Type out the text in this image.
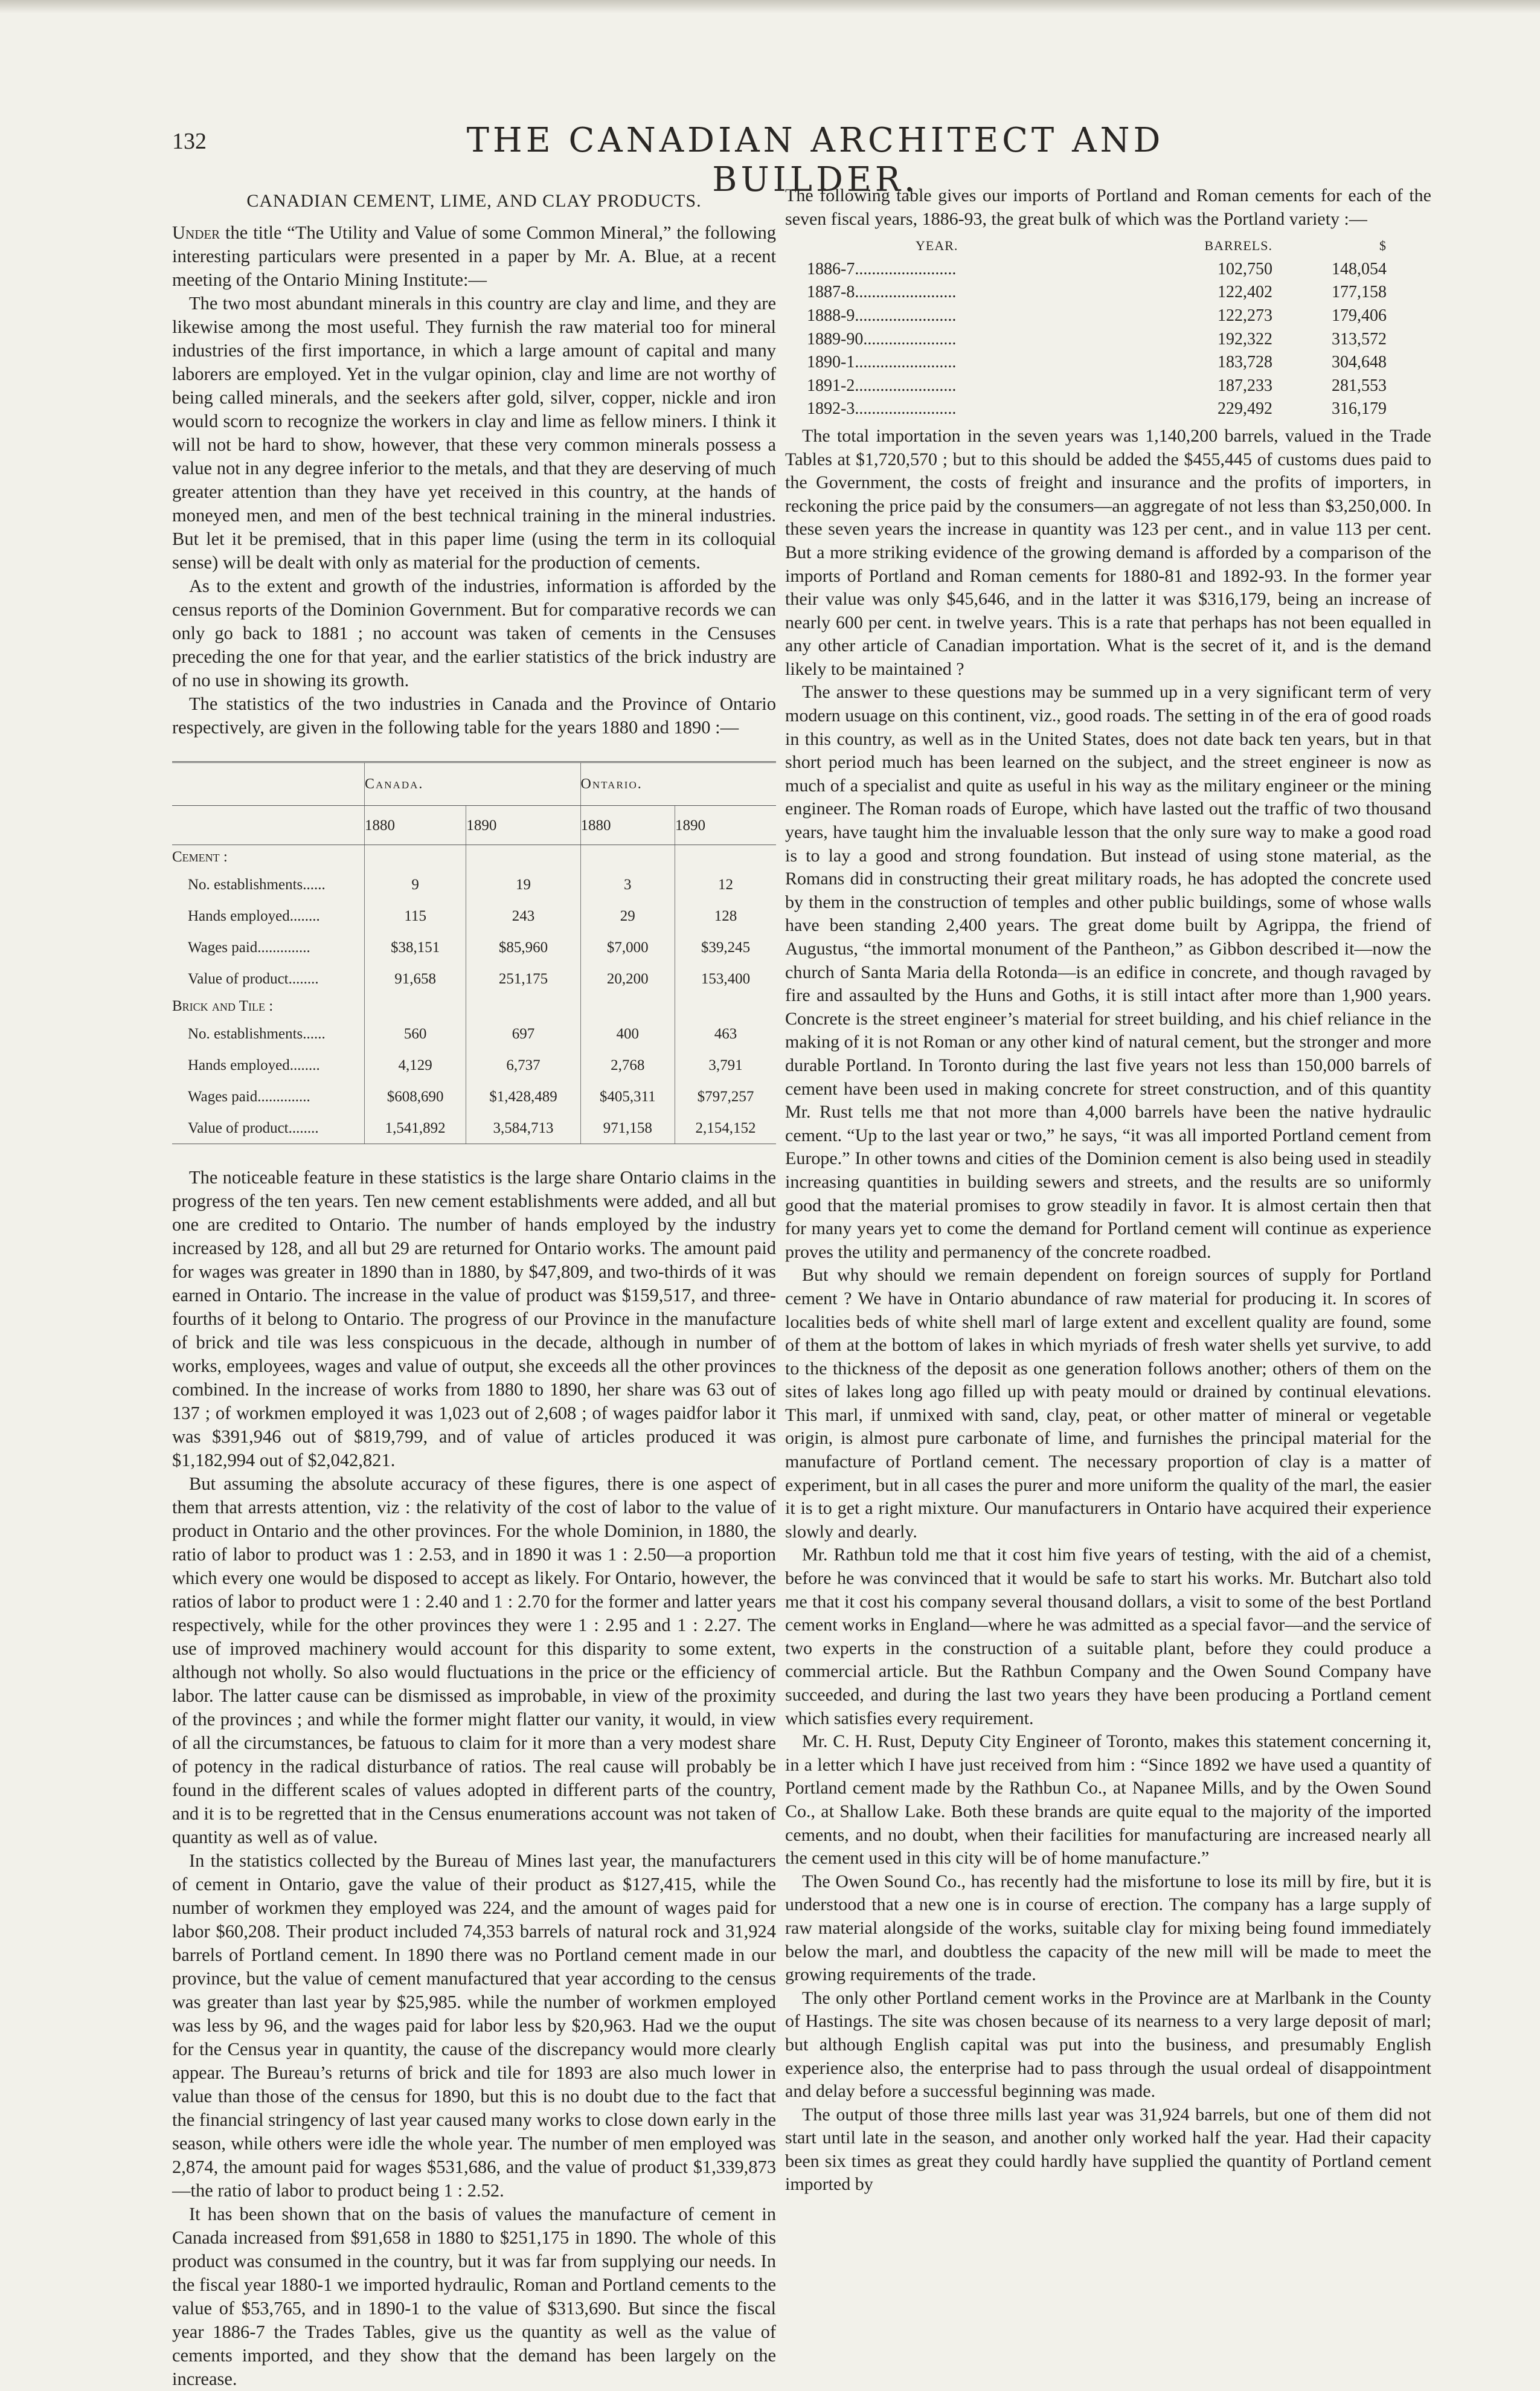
132	THE CANADIAN ARCHITECT AND BUILDER.
CANADIAN CEMENT, LIME, AND CLAY PRODUCTS.

Under the title “The Utility and Value of some Common Mineral,” the following interesting particulars were presented in a paper by Mr. A. Blue, at a recent meeting of the Ontario Mining Institute:—

The two most abundant minerals in this country are clay and lime, and they are likewise among the most useful. They furnish the raw material too for mineral industries of the first importance, in which a large amount of capital and many laborers are employed. Yet in the vulgar opinion, clay and lime are not worthy of being called minerals, and the seekers after gold, silver, copper, nickle and iron would scorn to recognize the workers in clay and lime as fellow miners. I think it will not be hard to show, however, that these very common minerals possess a value not in any degree inferior to the metals, and that they are deserving of much greater attention than they have yet received in this country, at the hands of moneyed men, and men of the best technical training in the mineral industries. But let it be premised, that in this paper lime (using the term in its colloquial sense) will be dealt with only as material for the production of cements.

As to the extent and growth of the industries, information is afforded by the census reports of the Dominion Government. But for comparative records we can only go back to 1881 ; no account was taken of cements in the Censuses preceding the one for that year, and the earlier statistics of the brick industry are of no use in showing its growth.

The statistics of the two industries in Canada and the Province of Ontario respectively, are given in the following table for the years 1880 and 1890 :—

	Canada.		Ontario.	
	1880	1890	1880	1890
Cement :				
No. establishments......	9	19	3	12
Hands employed........	115	243	29	128
Wages paid..............	$38,151	$85,960	$7,000	$39,245
Value of product........	91,658	251,175	20,200	153,400
Brick and Tile :				
No. establishments......	560	697	400	463
Hands employed........	4,129	6,737	2,768	3,791
Wages paid..............	$608,690	$1,428,489	$405,311	$797,257
Value of product........	1,541,892	3,584,713	971,158	2,154,152

The noticeable feature in these statistics is the large share Ontario claims in the progress of the ten years. Ten new cement establishments were added, and all but one are credited to Ontario. The number of hands employed by the industry increased by 128, and all but 29 are returned for Ontario works. The amount paid for wages was greater in 1890 than in 1880, by $47,809, and two-thirds of it was earned in Ontario. The increase in the value of product was $159,517, and three-fourths of it belong to Ontario. The progress of our Province in the manufacture of brick and tile was less conspicuous in the decade, although in number of works, employees, wages and value of output, she exceeds all the other provinces combined. In the increase of works from 1880 to 1890, her share was 63 out of 137 ; of workmen employed it was 1,023 out of 2,608 ; of wages paidfor labor it was $391,946 out of $819,799, and of value of articles produced it was $1,182,994 out of $2,042,821.

But assuming the absolute accuracy of these figures, there is one aspect of them that arrests attention, viz : the relativity of the cost of labor to the value of product in Ontario and the other provinces. For the whole Dominion, in 1880, the ratio of labor to product was 1 : 2.53, and in 1890 it was 1 : 2.50—a proportion which every one would be disposed to accept as likely. For Ontario, however, the ratios of labor to product were 1 : 2.40 and 1 : 2.70 for the former and latter years respectively, while for the other provinces they were 1 : 2.95 and 1 : 2.27. The use of improved machinery would account for this disparity to some extent, although not wholly. So also would fluctuations in the price or the efficiency of labor. The latter cause can be dismissed as improbable, in view of the proximity of the provinces ; and while the former might flatter our vanity, it would, in view of all the circumstances, be fatuous to claim for it more than a very modest share of potency in the radical disturbance of ratios. The real cause will probably be found in the different scales of values adopted in different parts of the country, and it is to be regretted that in the Census enumerations account was not taken of quantity as well as of value.

In the statistics collected by the Bureau of Mines last year, the manufacturers of cement in Ontario, gave the value of their product as $127,415, while the number of workmen they employed was 224, and the amount of wages paid for labor $60,208. Their product included 74,353 barrels of natural rock and 31,924 barrels of Portland cement. In 1890 there was no Portland cement made in our province, but the value of cement manufactured that year according to the census was greater than last year by $25,985. while the number of workmen employed was less by 96, and the wages paid for labor less by $20,963. Had we the ouput for the Census year in quantity, the cause of the discrepancy would more clearly appear. The Bureau’s returns of brick and tile for 1893 are also much lower in value than those of the census for 1890, but this is no doubt due to the fact that the financial stringency of last year caused many works to close down early in the season, while others were idle the whole year. The number of men employed was 2,874, the amount paid for wages $531,686, and the value of product $1,339,873—the ratio of labor to product being 1 : 2.52.

It has been shown that on the basis of values the manufacture of cement in Canada increased from $91,658 in 1880 to $251,175 in 1890. The whole of this product was consumed in the country, but it was far from supplying our needs. In the fiscal year 1880-1 we imported hydraulic, Roman and Portland cements to the value of $53,765, and in 1890-1 to the value of $313,690. But since the fiscal year 1886-7 the Trades Tables, give us the quantity as well as the value of cements imported, and they show that the demand has been largely on the increase.

The following table gives our imports of Portland and Roman cements for each of the seven fiscal years, 1886-93, the great bulk of which was the Portland variety :—

YEAR.	BARRELS.	$
1886-7........................	102,750	148,054
1887-8........................	122,402	177,158
1888-9........................	122,273	179,406
1889-90......................	192,322	313,572
1890-1........................	183,728	304,648
1891-2........................	187,233	281,553
1892-3........................	229,492	316,179

The total importation in the seven years was 1,140,200 barrels, valued in the Trade Tables at $1,720,570 ; but to this should be added the $455,445 of customs dues paid to the Government, the costs of freight and insurance and the profits of importers, in reckoning the price paid by the consumers—an aggregate of not less than $3,250,000. In these seven years the increase in quantity was 123 per cent., and in value 113 per cent. But a more striking evidence of the growing demand is afforded by a comparison of the imports of Portland and Roman cements for 1880-81 and 1892-93. In the former year their value was only $45,646, and in the latter it was $316,179, being an increase of nearly 600 per cent. in twelve years. This is a rate that perhaps has not been equalled in any other article of Canadian importation. What is the secret of it, and is the demand likely to be maintained ?

The answer to these questions may be summed up in a very significant term of very modern usuage on this continent, viz., good roads. The setting in of the era of good roads in this country, as well as in the United States, does not date back ten years, but in that short period much has been learned on the subject, and the street engineer is now as much of a specialist and quite as useful in his way as the military engineer or the mining engineer. The Roman roads of Europe, which have lasted out the traffic of two thousand years, have taught him the invaluable lesson that the only sure way to make a good road is to lay a good and strong foundation. But instead of using stone material, as the Romans did in constructing their great military roads, he has adopted the concrete used by them in the construction of temples and other public buildings, some of whose walls have been standing 2,400 years. The great dome built by Agrippa, the friend of Augustus, “the immortal monument of the Pantheon,” as Gibbon described it—now the church of Santa Maria della Rotonda—is an edifice in concrete, and though ravaged by fire and assaulted by the Huns and Goths, it is still intact after more than 1,900 years. Concrete is the street engineer’s material for street building, and his chief reliance in the making of it is not Roman or any other kind of natural cement, but the stronger and more durable Portland. In Toronto during the last five years not less than 150,000 barrels of cement have been used in making concrete for street construction, and of this quantity Mr. Rust tells me that not more than 4,000 barrels have been the native hydraulic cement. “Up to the last year or two,” he says, “it was all imported Portland cement from Europe.” In other towns and cities of the Dominion cement is also being used in steadily increasing quantities in building sewers and streets, and the results are so uniformly good that the material promises to grow steadily in favor. It is almost certain then that for many years yet to come the demand for Portland cement will continue as experience proves the utility and permanency of the concrete roadbed.

But why should we remain dependent on foreign sources of supply for Portland cement ? We have in Ontario abundance of raw material for producing it. In scores of localities beds of white shell marl of large extent and excellent quality are found, some of them at the bottom of lakes in which myriads of fresh water shells yet survive, to add to the thickness of the deposit as one generation follows another; others of them on the sites of lakes long ago filled up with peaty mould or drained by continual elevations. This marl, if unmixed with sand, clay, peat, or other matter of mineral or vegetable origin, is almost pure carbonate of lime, and furnishes the principal material for the manufacture of Portland cement. The necessary proportion of clay is a matter of experiment, but in all cases the purer and more uniform the quality of the marl, the easier it is to get a right mixture. Our manufacturers in Ontario have acquired their experience slowly and dearly.

Mr. Rathbun told me that it cost him five years of testing, with the aid of a chemist, before he was convinced that it would be safe to start his works. Mr. Butchart also told me that it cost his company several thousand dollars, a visit to some of the best Portland cement works in England—where he was admitted as a special favor—and the service of two experts in the construction of a suitable plant, before they could produce a commercial article. But the Rathbun Company and the Owen Sound Company have succeeded, and during the last two years they have been producing a Portland cement which satisfies every requirement.

Mr. C. H. Rust, Deputy City Engineer of Toronto, makes this statement concerning it, in a letter which I have just received from him : “Since 1892 we have used a quantity of Portland cement made by the Rathbun Co., at Napanee Mills, and by the Owen Sound Co., at Shallow Lake. Both these brands are quite equal to the majority of the imported cements, and no doubt, when their facilities for manufacturing are increased nearly all the cement used in this city will be of home manufacture.”

The Owen Sound Co., has recently had the misfortune to lose its mill by fire, but it is understood that a new one is in course of erection. The company has a large supply of raw material alongside of the works, suitable clay for mixing being found immediately below the marl, and doubtless the capacity of the new mill will be made to meet the growing requirements of the trade.

The only other Portland cement works in the Province are at Marlbank in the County of Hastings. The site was chosen because of its nearness to a very large deposit of marl; but although English capital was put into the business, and presumably English experience also, the enterprise had to pass through the usual ordeal of disappointment and delay before a successful beginning was made.

The output of those three mills last year was 31,924 barrels, but one of them did not start until late in the season, and another only worked half the year. Had their capacity been six times as great they could hardly have supplied the quantity of Portland cement imported by
